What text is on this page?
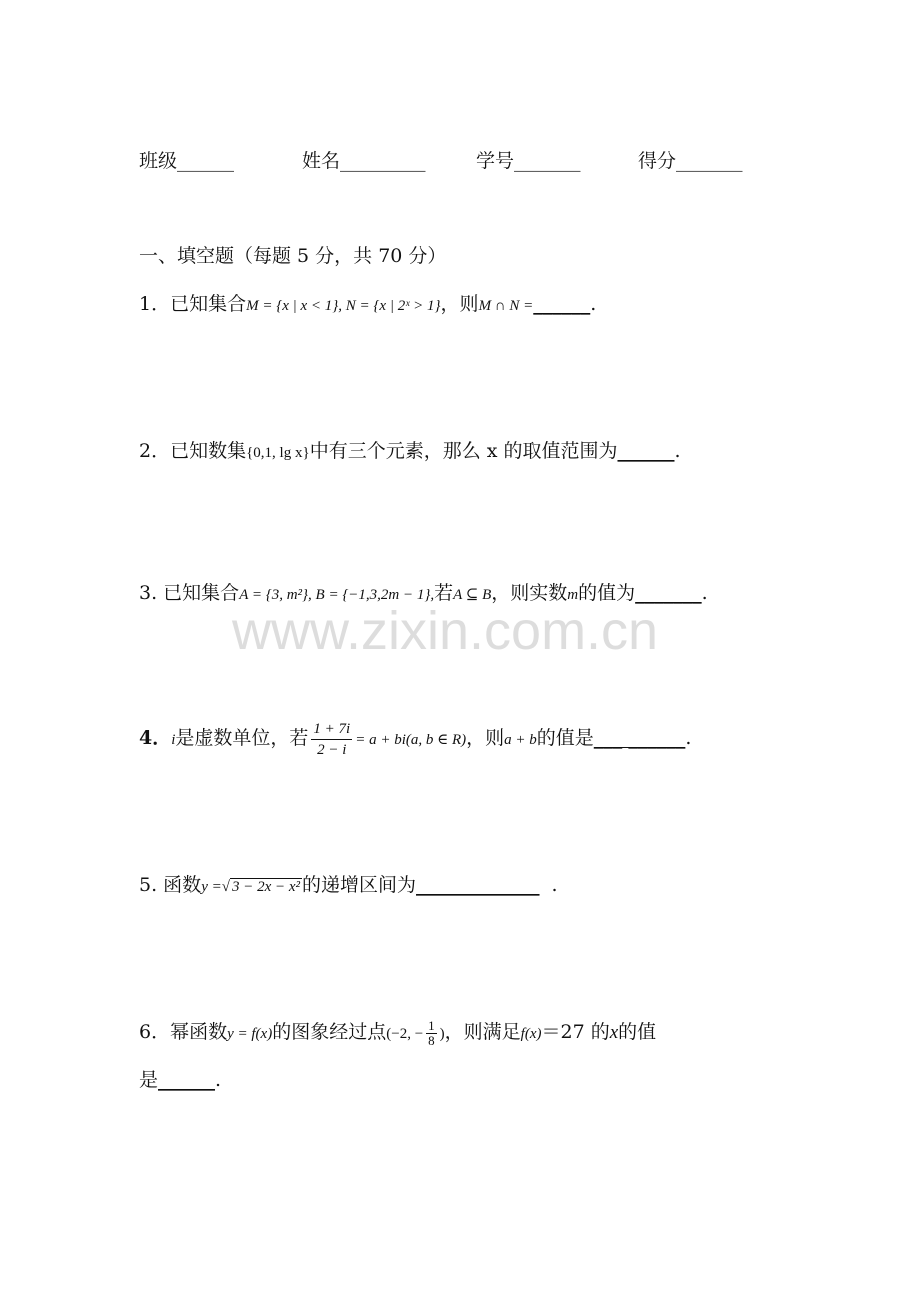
班级______	姓名_________	学号_______	得分_______
一、填空题（每题 5 分，共 70 分）
1．已知集合M = {x | x < 1}, N = {x | 2ˣ > 1}，则M ∩ N =______.
2．已知数集{0,1, lg x}中有三个元素，那么 x 的取值范围为______.
3. 已知集合A = {3, m²}, B = {−1,3,2m − 1},若A ⊆ B，则实数m的值为_______.
www.zixin.com.cn
4．i是虚数单位，若 $\frac{1 + 7i}{2 - i} = a + bi(a$, b ∈ R)，则a + b的值是___ ______.
5. 函数y =√ 3 − 2x − x² 的递增区间为_____________ .
6．幂函数y = f(x)的图象经过点(−2, − $\frac{1}{8}$ )，则满足f(x)＝27 的x的值
是______.
